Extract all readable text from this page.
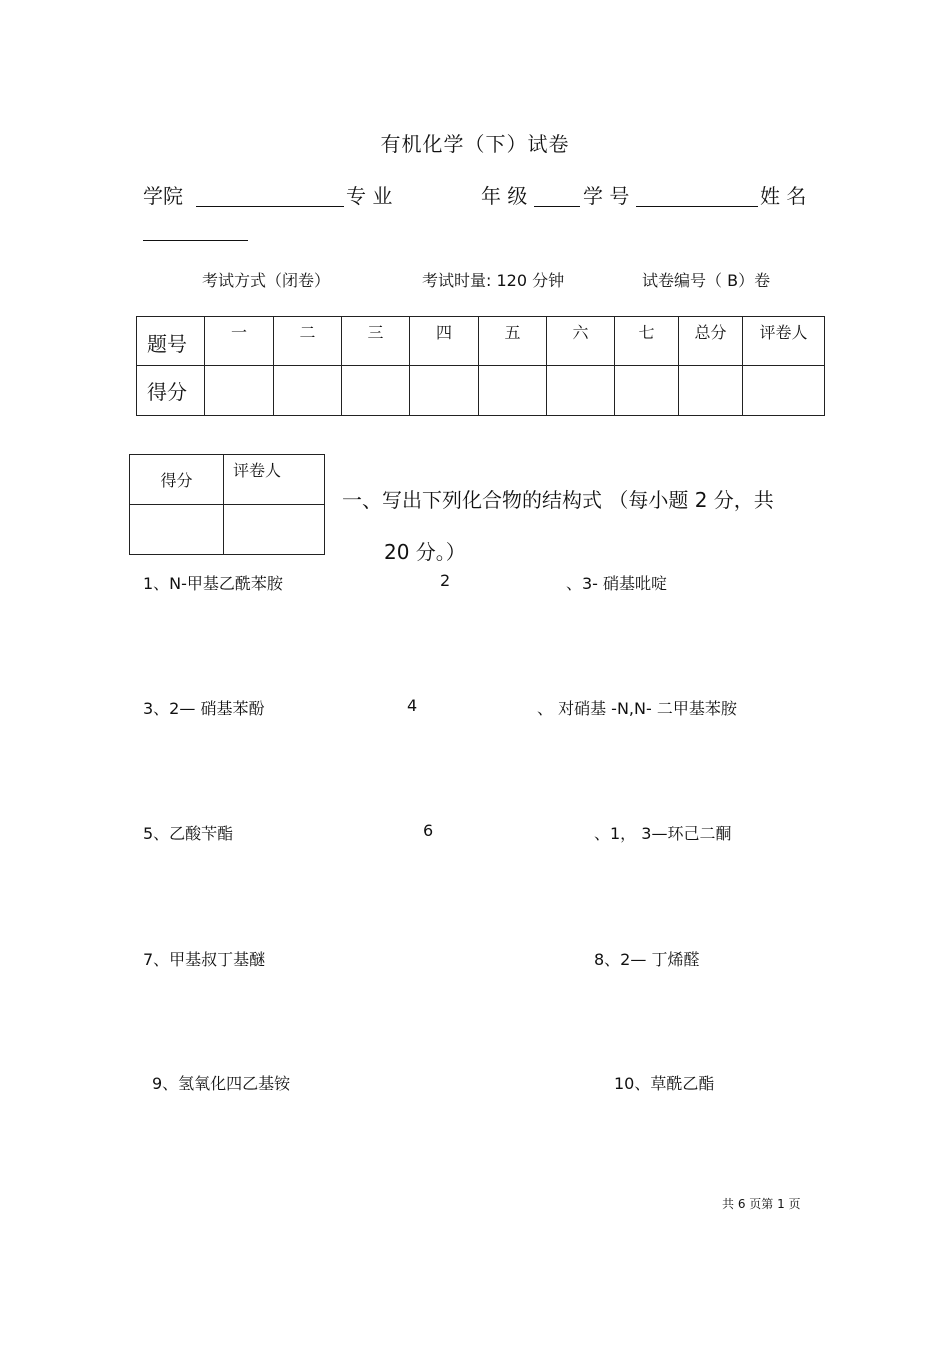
有机化学（下）试卷
学院	专 业	年 级	学 号	姓 名
考试方式（闭卷）	考试时量: 120 分钟	试卷编号（ B）卷
题号	一	二	三	四	五	六	七	总分	评卷人
得分									
得分	评卷人

一、写出下列化合物的结构式 （每小题 2 分，共
20 分。）
1、N-甲基乙酰苯胺	2	、3- 硝基吡啶
3、2— 硝基苯酚	4	、 对硝基 -N,N- 二甲基苯胺
5、乙酸苄酯	6	、1， 3—环己二酮
7、甲基叔丁基醚	8、2— 丁烯醛
9、氢氧化四乙基铵	10、草酰乙酯
共 6 页第 1 页
